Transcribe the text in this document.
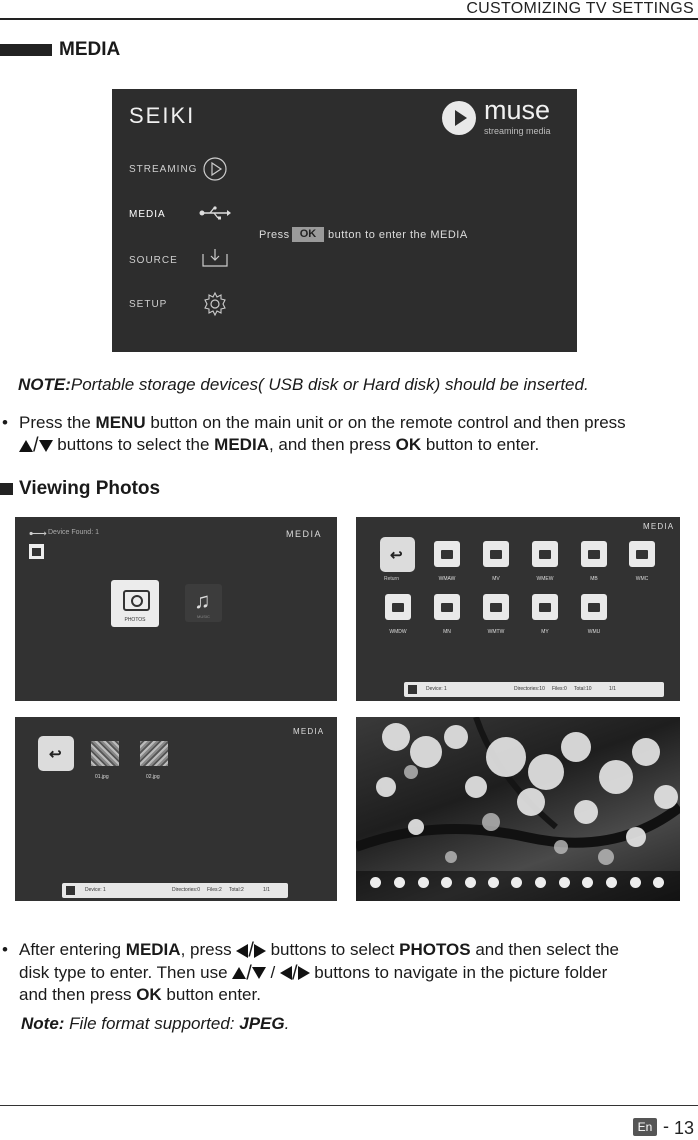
CUSTOMIZING TV SETTINGS
MEDIA
SEIKI	muse
streaming media
STREAMING
MEDIA
SOURCE
SETUP
Press OK	button to enter the MEDIA
NOTE:Portable storage devices( USB disk or Hard disk) should be inserted.
• Press the MENU button on the main unit or on the remote control and then press
/ buttons to select the MEDIA, and then press OK button to enter.
Viewing Photos
Device Found: 1	MEDIA
PHOTOS
♫
MUSIC
MEDIA
↩
Return	WMAW	MV	WMEW	MB	WMC
WMDW	MN	WMTW	MY	WMU
Device: 1	Directories:10 Files:0 Total:10	1/1
MEDIA
↩
01.jpg	02.jpg
Device: 1	Directories:0 Files:2 Total:2	1/1
• After entering MEDIA, press / buttons to select PHOTOS and then select the
disk type to enter. Then use / / / buttons to navigate in the picture folder
and then press OK button enter.
Note: File format supported: JPEG.
En - 13
